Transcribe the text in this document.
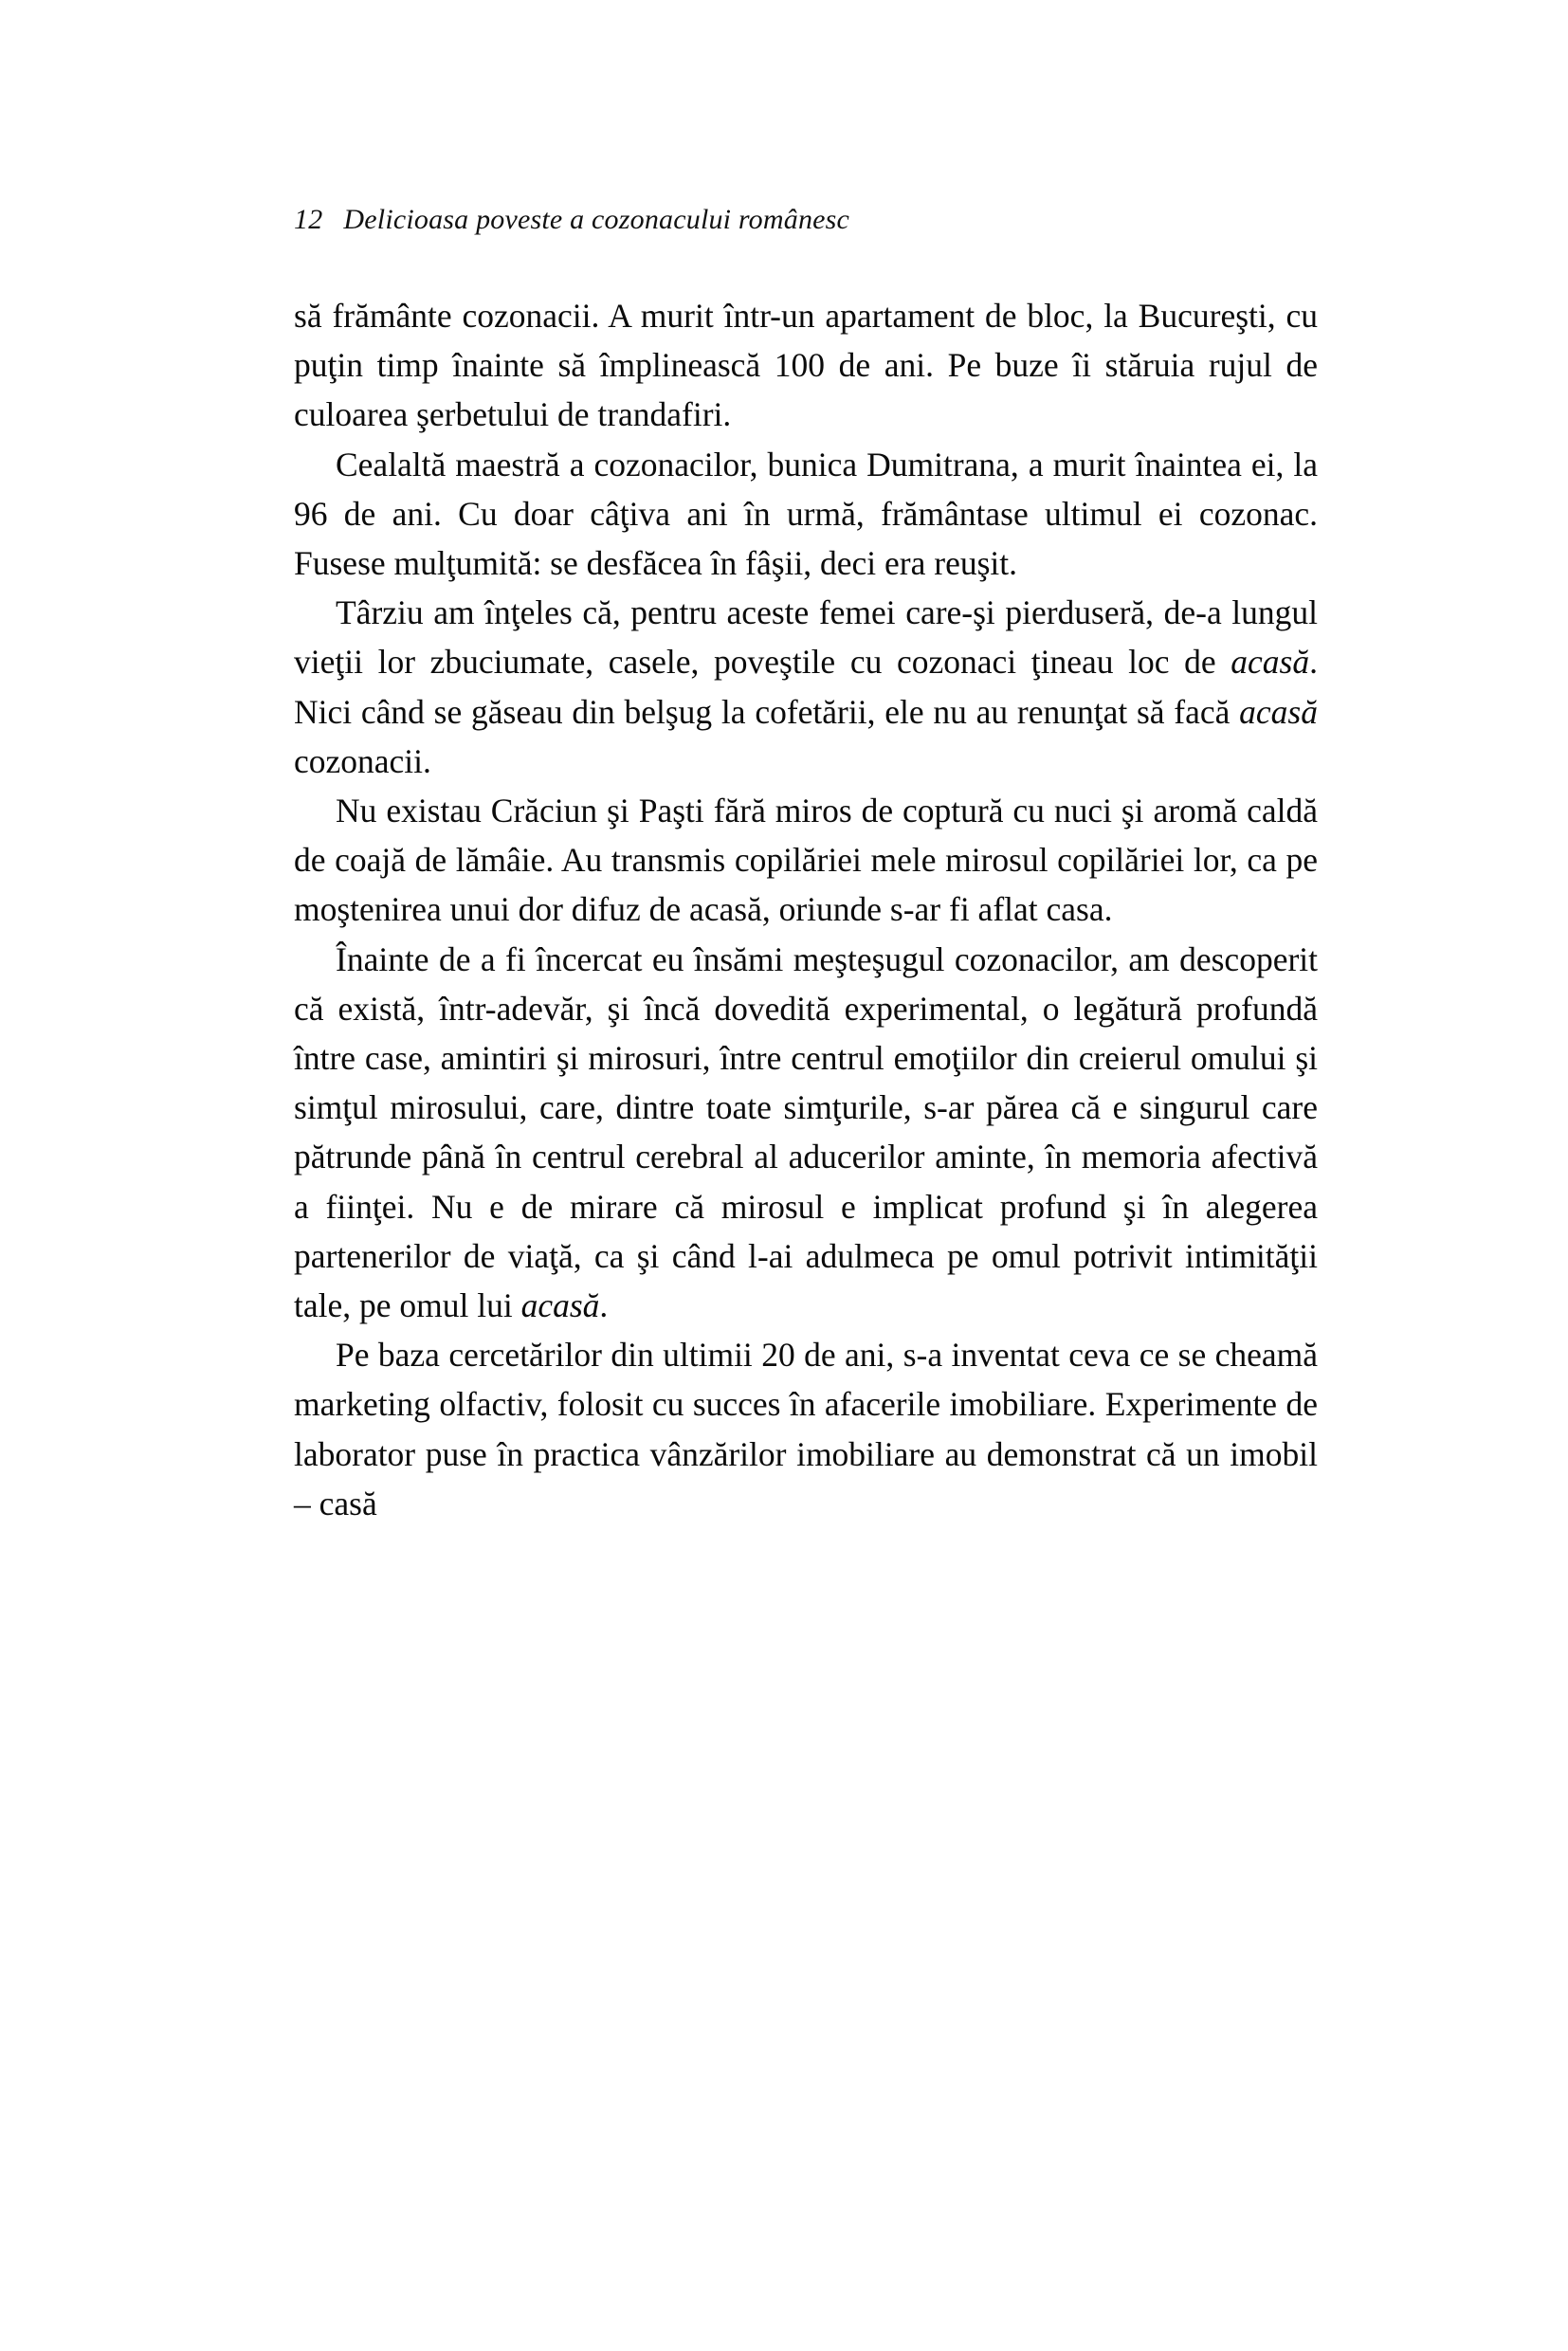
12 Delicioasa poveste a cozonacului românesc

să frământe cozonacii. A murit într-un apartament de bloc, la Bucureşti, cu puţin timp înainte să împlinească 100 de ani. Pe buze îi stăruia rujul de culoarea şerbetului de trandafiri.

Cealaltă maestră a cozonacilor, bunica Dumitrana, a murit înaintea ei, la 96 de ani. Cu doar câţiva ani în urmă, frământase ultimul ei cozonac. Fusese mulţumită: se desfăcea în fâşii, deci era reuşit.

Târziu am înţeles că, pentru aceste femei care-şi pierduseră, de-a lungul vieţii lor zbuciumate, casele, poveştile cu cozonaci ţineau loc de acasă. Nici când se găseau din belşug la cofetării, ele nu au renunţat să facă acasă cozonacii.

Nu existau Crăciun şi Paşti fără miros de coptură cu nuci şi aromă caldă de coajă de lămâie. Au transmis copilăriei mele mirosul copilăriei lor, ca pe moştenirea unui dor difuz de acasă, oriunde s-ar fi aflat casa.

Înainte de a fi încercat eu însămi meşteşugul cozonacilor, am descoperit că există, într-adevăr, şi încă dovedită experimental, o legătură profundă între case, amintiri şi mirosuri, între centrul emoţiilor din creierul omului şi simţul mirosului, care, dintre toate simţurile, s-ar părea că e singurul care pătrunde până în centrul cerebral al aducerilor aminte, în memoria afectivă a fiinţei. Nu e de mirare că mirosul e implicat profund şi în alegerea partenerilor de viaţă, ca şi când l-ai adulmeca pe omul potrivit intimităţii tale, pe omul lui acasă.

Pe baza cercetărilor din ultimii 20 de ani, s-a inventat ceva ce se cheamă marketing olfactiv, folosit cu succes în afacerile imobiliare. Experimente de laborator puse în practica vânzărilor imobiliare au demonstrat că un imobil – casă
